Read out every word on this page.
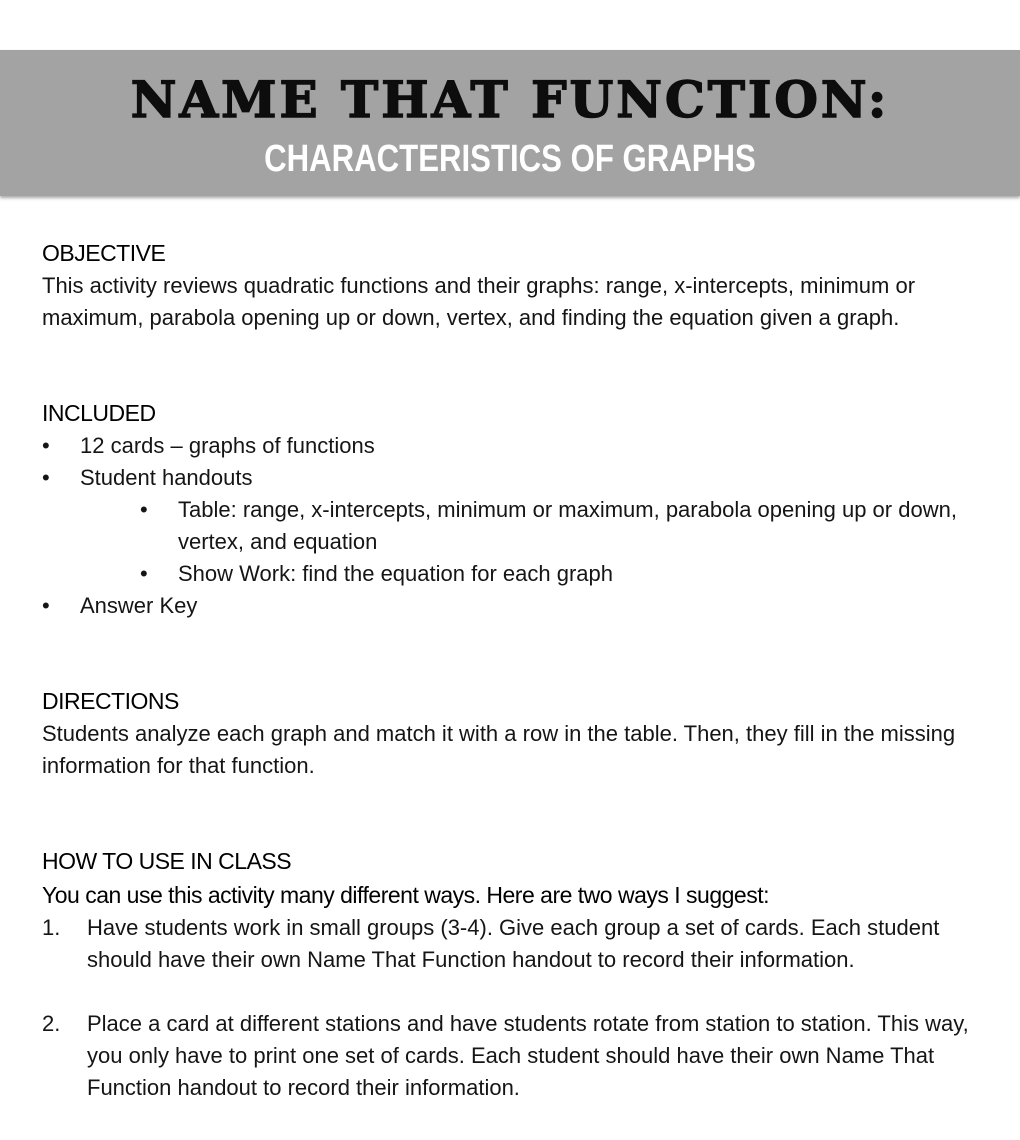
NAME THAT FUNCTION:
CHARACTERISTICS OF GRAPHS

OBJECTIVE

This activity reviews quadratic functions and their graphs: range, x-intercepts, minimum or maximum, parabola opening up or down, vertex, and finding the equation given a graph.

INCLUDED

• 12 cards – graphs of functions
• Student handouts
• Table: range, x-intercepts, minimum or maximum, parabola opening up or down, vertex, and equation
• Show Work: find the equation for each graph
• Answer Key

DIRECTIONS

Students analyze each graph and match it with a row in the table. Then, they fill in the missing information for that function.

HOW TO USE IN CLASS

You can use this activity many different ways. Here are two ways I suggest:

1. Have students work in small groups (3-4). Give each group a set of cards. Each student should have their own Name That Function handout to record their information.
2. Place a card at different stations and have students rotate from station to station. This way, you only have to print one set of cards. Each student should have their own Name That Function handout to record their information.
